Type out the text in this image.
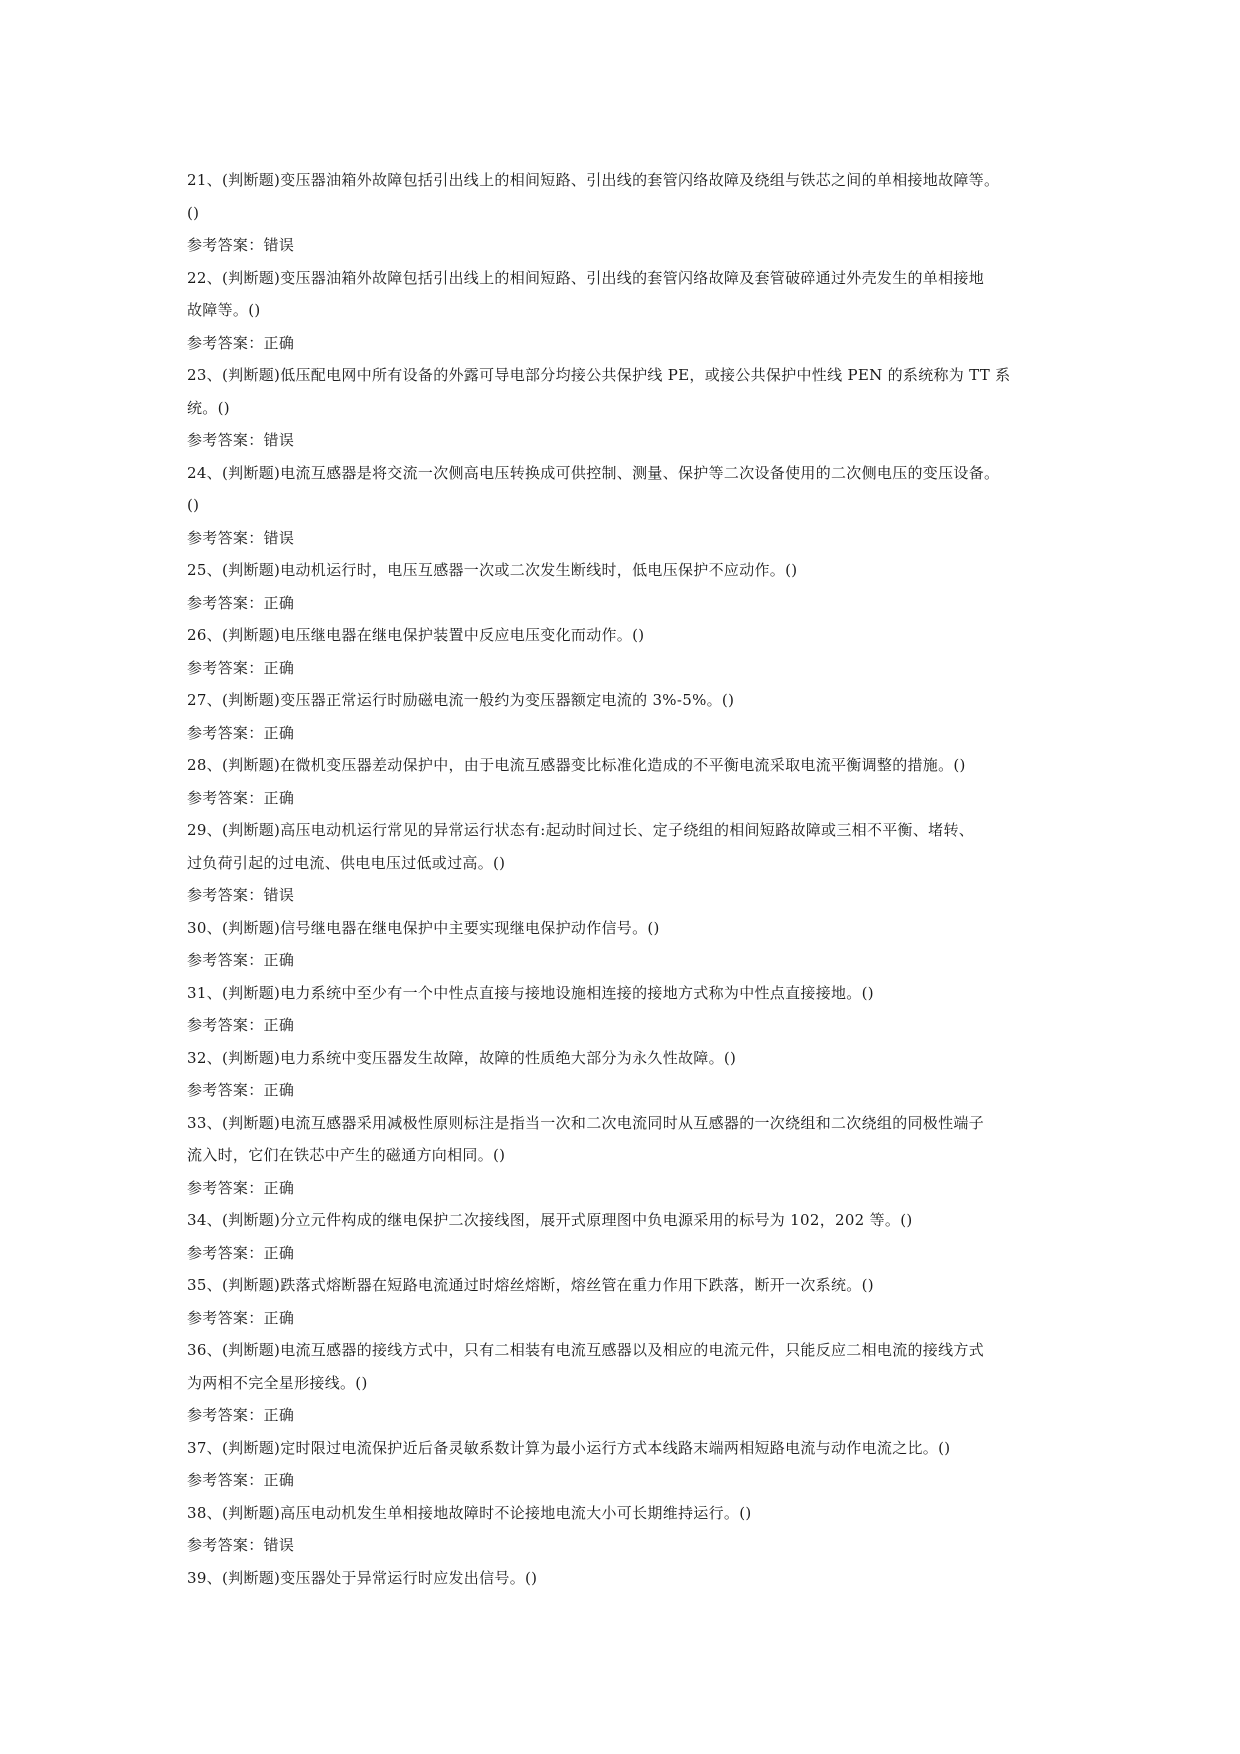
21、(判断题)变压器油箱外故障包括引出线上的相间短路、引出线的套管闪络故障及绕组与铁芯之间的单相接地故障等。
()
参考答案：错误
22、(判断题)变压器油箱外故障包括引出线上的相间短路、引出线的套管闪络故障及套管破碎通过外壳发生的单相接地
故障等。()
参考答案：正确
23、(判断题)低压配电网中所有设备的外露可导电部分均接公共保护线 PE，或接公共保护中性线 PEN 的系统称为 TT 系
统。()
参考答案：错误
24、(判断题)电流互感器是将交流一次侧高电压转换成可供控制、测量、保护等二次设备使用的二次侧电压的变压设备。
()
参考答案：错误
25、(判断题)电动机运行时，电压互感器一次或二次发生断线时，低电压保护不应动作。()
参考答案：正确
26、(判断题)电压继电器在继电保护装置中反应电压变化而动作。()
参考答案：正确
27、(判断题)变压器正常运行时励磁电流一般约为变压器额定电流的 3%-5%。()
参考答案：正确
28、(判断题)在微机变压器差动保护中，由于电流互感器变比标准化造成的不平衡电流采取电流平衡调整的措施。()
参考答案：正确
29、(判断题)高压电动机运行常见的异常运行状态有:起动时间过长、定子绕组的相间短路故障或三相不平衡、堵转、
过负荷引起的过电流、供电电压过低或过高。()
参考答案：错误
30、(判断题)信号继电器在继电保护中主要实现继电保护动作信号。()
参考答案：正确
31、(判断题)电力系统中至少有一个中性点直接与接地设施相连接的接地方式称为中性点直接接地。()
参考答案：正确
32、(判断题)电力系统中变压器发生故障，故障的性质绝大部分为永久性故障。()
参考答案：正确
33、(判断题)电流互感器采用减极性原则标注是指当一次和二次电流同时从互感器的一次绕组和二次绕组的同极性端子
流入时，它们在铁芯中产生的磁通方向相同。()
参考答案：正确
34、(判断题)分立元件构成的继电保护二次接线图，展开式原理图中负电源采用的标号为 102，202 等。()
参考答案：正确
35、(判断题)跌落式熔断器在短路电流通过时熔丝熔断，熔丝管在重力作用下跌落，断开一次系统。()
参考答案：正确
36、(判断题)电流互感器的接线方式中，只有二相装有电流互感器以及相应的电流元件，只能反应二相电流的接线方式
为两相不完全星形接线。()
参考答案：正确
37、(判断题)定时限过电流保护近后备灵敏系数计算为最小运行方式本线路末端两相短路电流与动作电流之比。()
参考答案：正确
38、(判断题)高压电动机发生单相接地故障时不论接地电流大小可长期维持运行。()
参考答案：错误
39、(判断题)变压器处于异常运行时应发出信号。()
